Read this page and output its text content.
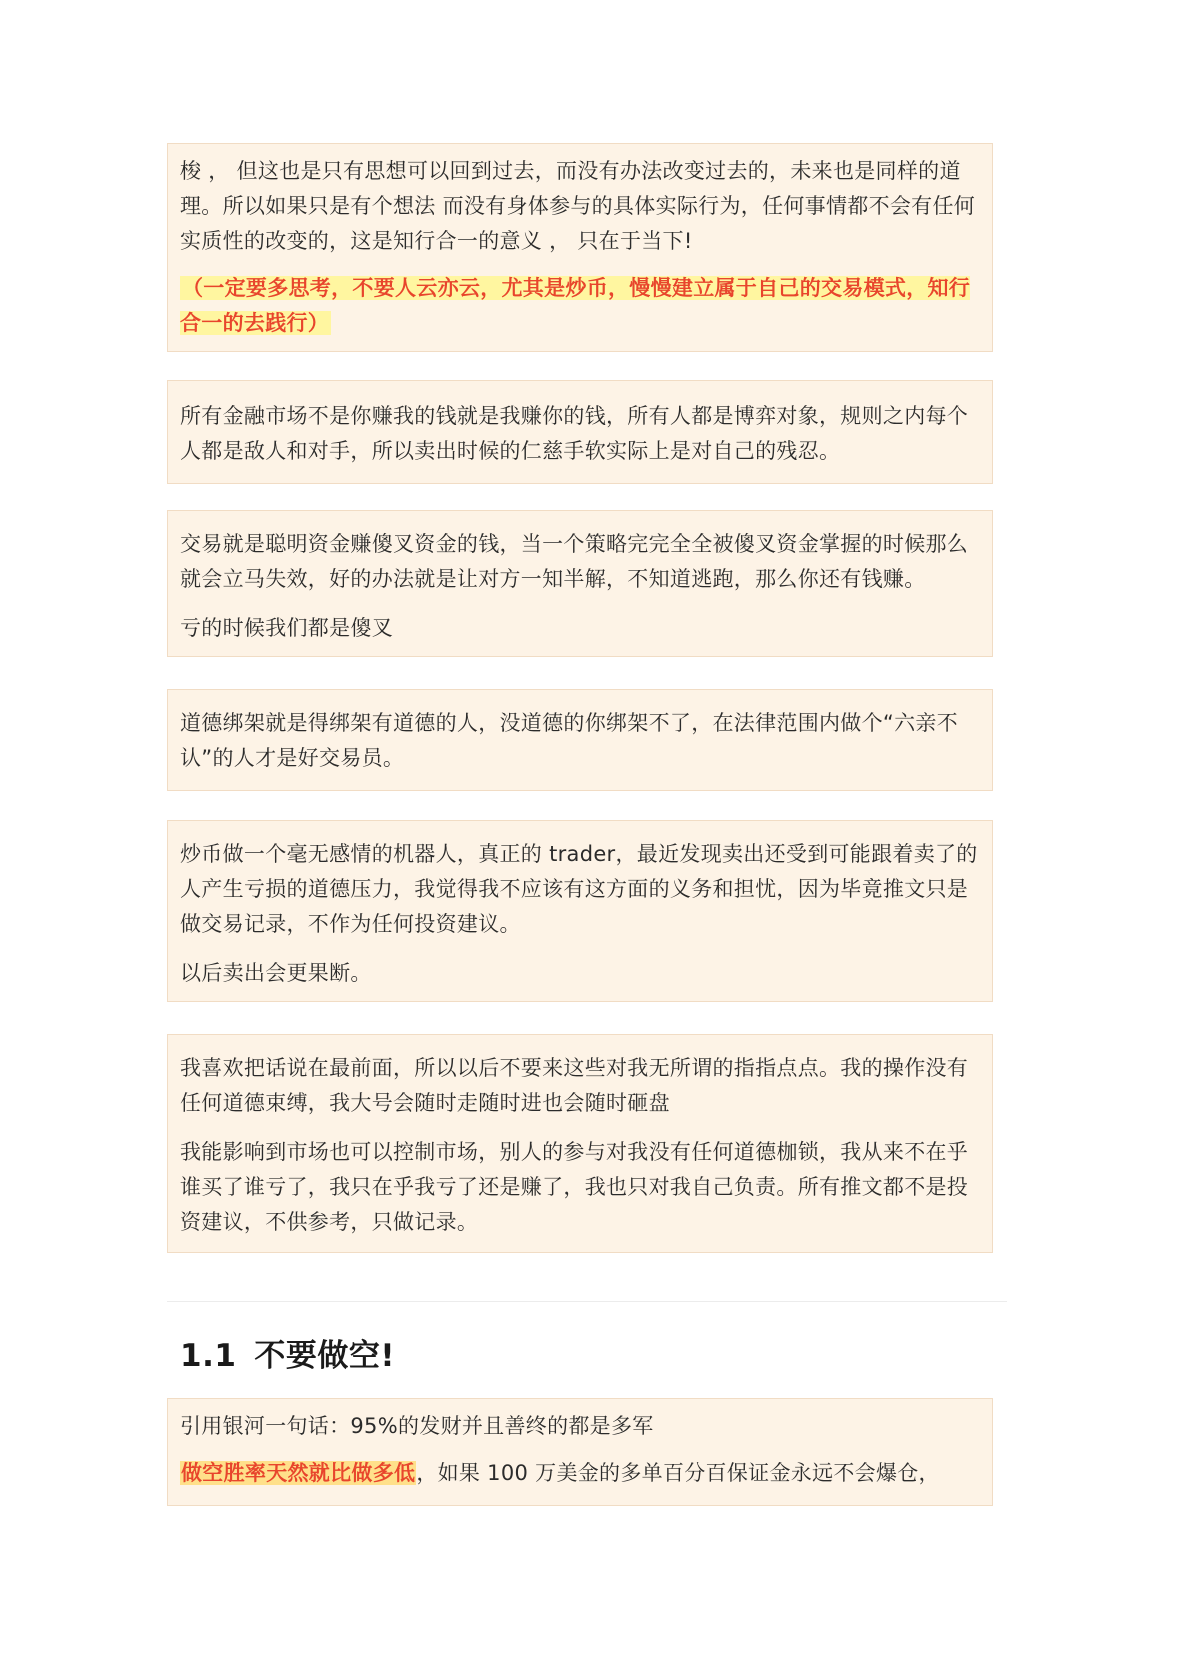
梭 ， 但这也是只有思想可以回到过去，而没有办法改变过去的，未来也是同样的道理。所以如果只是有个想法 而没有身体参与的具体实际行为，任何事情都不会有任何实质性的改变的，这是知行合一的意义 ， 只在于当下!

（一定要多思考，不要人云亦云，尤其是炒币，慢慢建立属于自己的交易模式，知行合一的去践行）

所有金融市场不是你赚我的钱就是我赚你的钱，所有人都是博弈对象，规则之内每个人都是敌人和对手，所以卖出时候的仁慈手软实际上是对自己的残忍。

交易就是聪明资金赚傻叉资金的钱，当一个策略完完全全被傻叉资金掌握的时候那么就会立马失效，好的办法就是让对方一知半解，不知道逃跑，那么你还有钱赚。

亏的时候我们都是傻叉

道德绑架就是得绑架有道德的人，没道德的你绑架不了，在法律范围内做个“六亲不认”的人才是好交易员。

炒币做一个毫无感情的机器人，真正的 trader，最近发现卖出还受到可能跟着卖了的人产生亏损的道德压力，我觉得我不应该有这方面的义务和担忧，因为毕竟推文只是做交易记录，不作为任何投资建议。

以后卖出会更果断。

我喜欢把话说在最前面，所以以后不要来这些对我无所谓的指指点点。我的操作没有任何道德束缚，我大号会随时走随时进也会随时砸盘

我能影响到市场也可以控制市场，别人的参与对我没有任何道德枷锁，我从来不在乎谁买了谁亏了，我只在乎我亏了还是赚了，我也只对我自己负责。所有推文都不是投资建议，不供参考，只做记录。

1.1 不要做空!

引用银河一句话：95%的发财并且善终的都是多军

做空胜率天然就比做多低，如果 100 万美金的多单百分百保证金永远不会爆仓，
